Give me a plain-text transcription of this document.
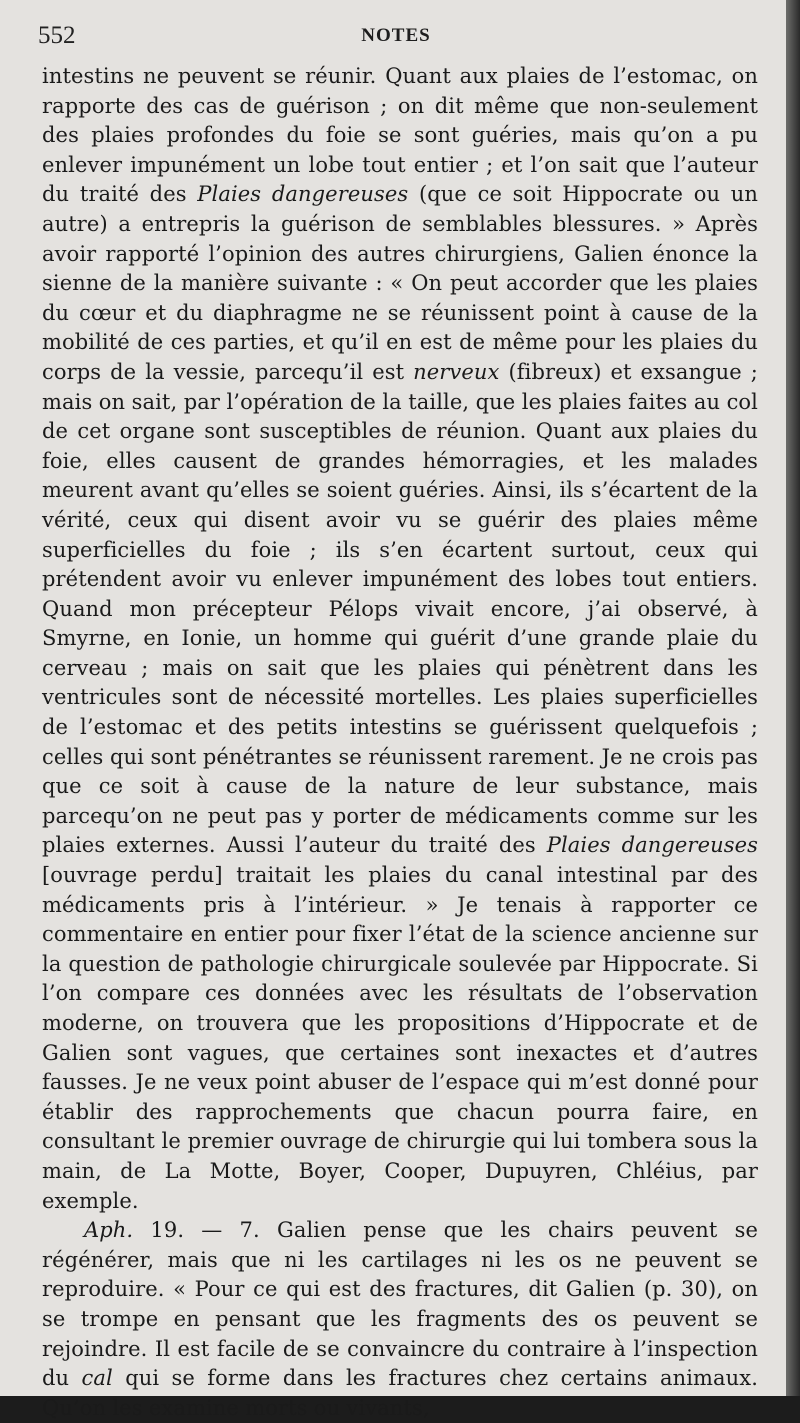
552	NOTES

intestins ne peuvent se réunir. Quant aux plaies de l’estomac, on rapporte des cas de guérison ; on dit même que non-seulement des plaies profondes du foie se sont guéries, mais qu’on a pu enlever impunément un lobe tout entier ; et l’on sait que l’auteur du traité des Plaies dangereuses (que ce soit Hippocrate ou un autre) a entrepris la guérison de semblables blessures. » Après avoir rapporté l’opinion des autres chirurgiens, Galien énonce la sienne de la manière suivante : « On peut accorder que les plaies du cœur et du diaphragme ne se réunissent point à cause de la mobilité de ces parties, et qu’il en est de même pour les plaies du corps de la vessie, parcequ’il est nerveux (fibreux) et exsangue ; mais on sait, par l’opération de la taille, que les plaies faites au col de cet organe sont susceptibles de réunion. Quant aux plaies du foie, elles causent de grandes hémorragies, et les malades meurent avant qu’elles se soient guéries. Ainsi, ils s’écartent de la vérité, ceux qui disent avoir vu se guérir des plaies même superficielles du foie ; ils s’en écartent surtout, ceux qui prétendent avoir vu enlever impunément des lobes tout entiers. Quand mon précepteur Pélops vivait encore, j’ai observé, à Smyrne, en Ionie, un homme qui guérit d’une grande plaie du cerveau ; mais on sait que les plaies qui pénètrent dans les ventricules sont de nécessité mortelles. Les plaies superficielles de l’estomac et des petits intestins se guérissent quelquefois ; celles qui sont pénétrantes se réunissent rarement. Je ne crois pas que ce soit à cause de la nature de leur substance, mais parcequ’on ne peut pas y porter de médicaments comme sur les plaies externes. Aussi l’auteur du traité des Plaies dangereuses [ouvrage perdu] traitait les plaies du canal intestinal par des médicaments pris à l’intérieur. » Je tenais à rapporter ce commentaire en entier pour fixer l’état de la science ancienne sur la question de pathologie chirurgicale soulevée par Hippocrate. Si l’on compare ces données avec les résultats de l’observation moderne, on trouvera que les propositions d’Hippocrate et de Galien sont vagues, que certaines sont inexactes et d’autres fausses. Je ne veux point abuser de l’espace qui m’est donné pour établir des rapprochements que chacun pourra faire, en consultant le premier ouvrage de chirurgie qui lui tombera sous la main, de La Motte, Boyer, Cooper, Dupuyren, Chléius, par exemple.

Aph. 19. — 7. Galien pense que les chairs peuvent se régénérer, mais que ni les cartilages ni les os ne peuvent se reproduire. « Pour ce qui est des fractures, dit Galien (p. 30), on se trompe en pensant que les fragments des os peuvent se rejoindre. Il est facile de se convaincre du contraire à l’inspection du cal qui se forme dans les fractures chez certains animaux. Qu’on les examine morts ou vivants,
